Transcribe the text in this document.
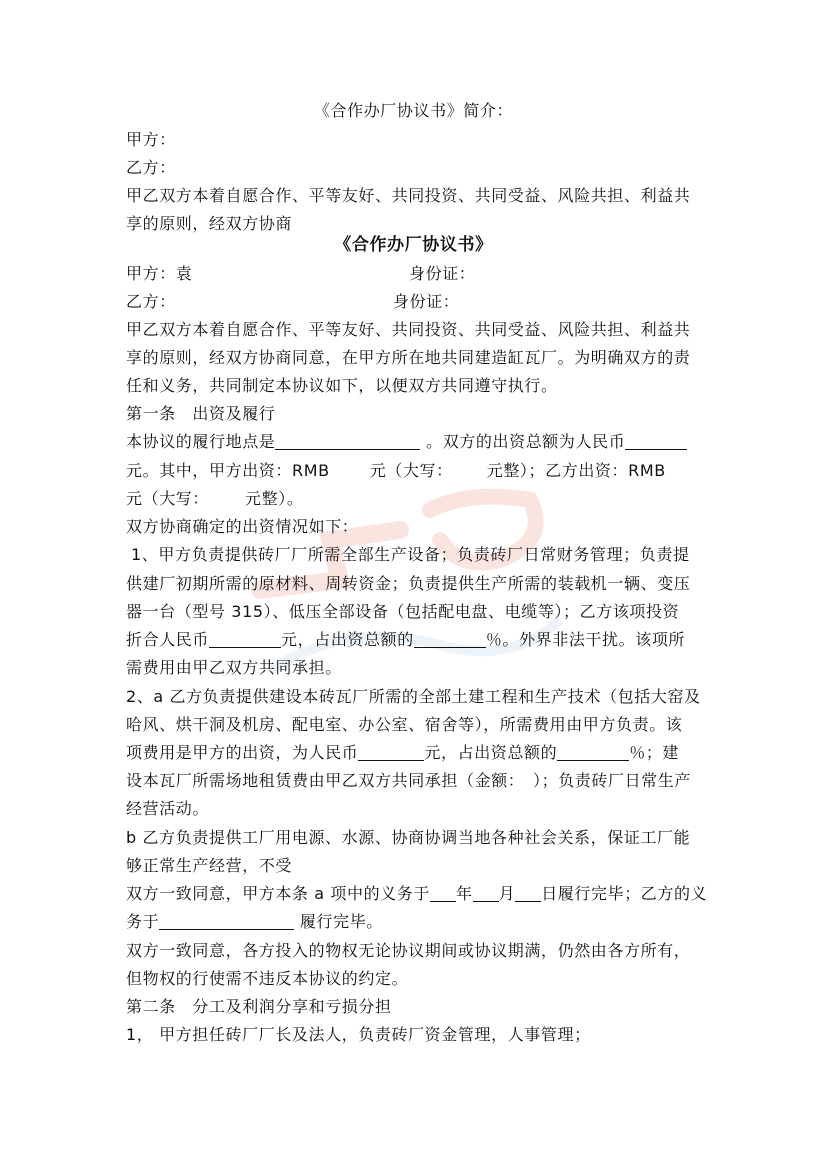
《合作办厂协议书》简介：
甲方：
乙方：
甲乙双方本着自愿合作、平等友好、共同投资、共同受益、风险共担、利益共
享的原则，经双方协商
《合作办厂协议书》
甲方：袁	身份证：
乙方：	身份证：
甲乙双方本着自愿合作、平等友好、共同投资、共同受益、风险共担、利益共
享的原则，经双方协商同意，在甲方所在地共同建造缸瓦厂。为明确双方的责
任和义务，共同制定本协议如下，以便双方共同遵守执行。
第一条　出资及履行
本协议的履行地点是	。双方的出资总额为人民币
元。其中，甲方出资：RMB	元（大写： 元整）；乙方出资：RMB
元（大写： 元整）。
双方协商确定的出资情况如下：
1、甲方负责提供砖厂厂所需全部生产设备；负责砖厂日常财务管理；负责提
供建厂初期所需的原材料、周转资金；负责提供生产所需的装载机一辆、变压
器一台（型号 315）、低压全部设备（包括配电盘、电缆等）；乙方该项投资
折合人民币	元，占出资总额的	％。外界非法干扰。该项所
需费用由甲乙双方共同承担。
2、a 乙方负责提供建设本砖瓦厂所需的全部土建工程和生产技术（包括大窑及
哈风、烘干洞及机房、配电室、办公室、宿舍等），所需费用由甲方负责。该
项费用是甲方的出资，为人民币	元，占出资总额的	％；建
设本瓦厂所需场地租赁费由甲乙双方共同承担（金额：　）；负责砖厂日常生产
经营活动。
b 乙方负责提供工厂用电源、水源、协商协调当地各种社会关系，保证工厂能
够正常生产经营，不受
双方一致同意，甲方本条 a 项中的义务于 年 月 日履行完毕；乙方的义
务于	履行完毕。
双方一致同意，各方投入的物权无论协议期间或协议期满，仍然由各方所有，
但物权的行使需不违反本协议的约定。
第二条　分工及利润分享和亏损分担
1， 甲方担任砖厂厂长及法人，负责砖厂资金管理，人事管理；
